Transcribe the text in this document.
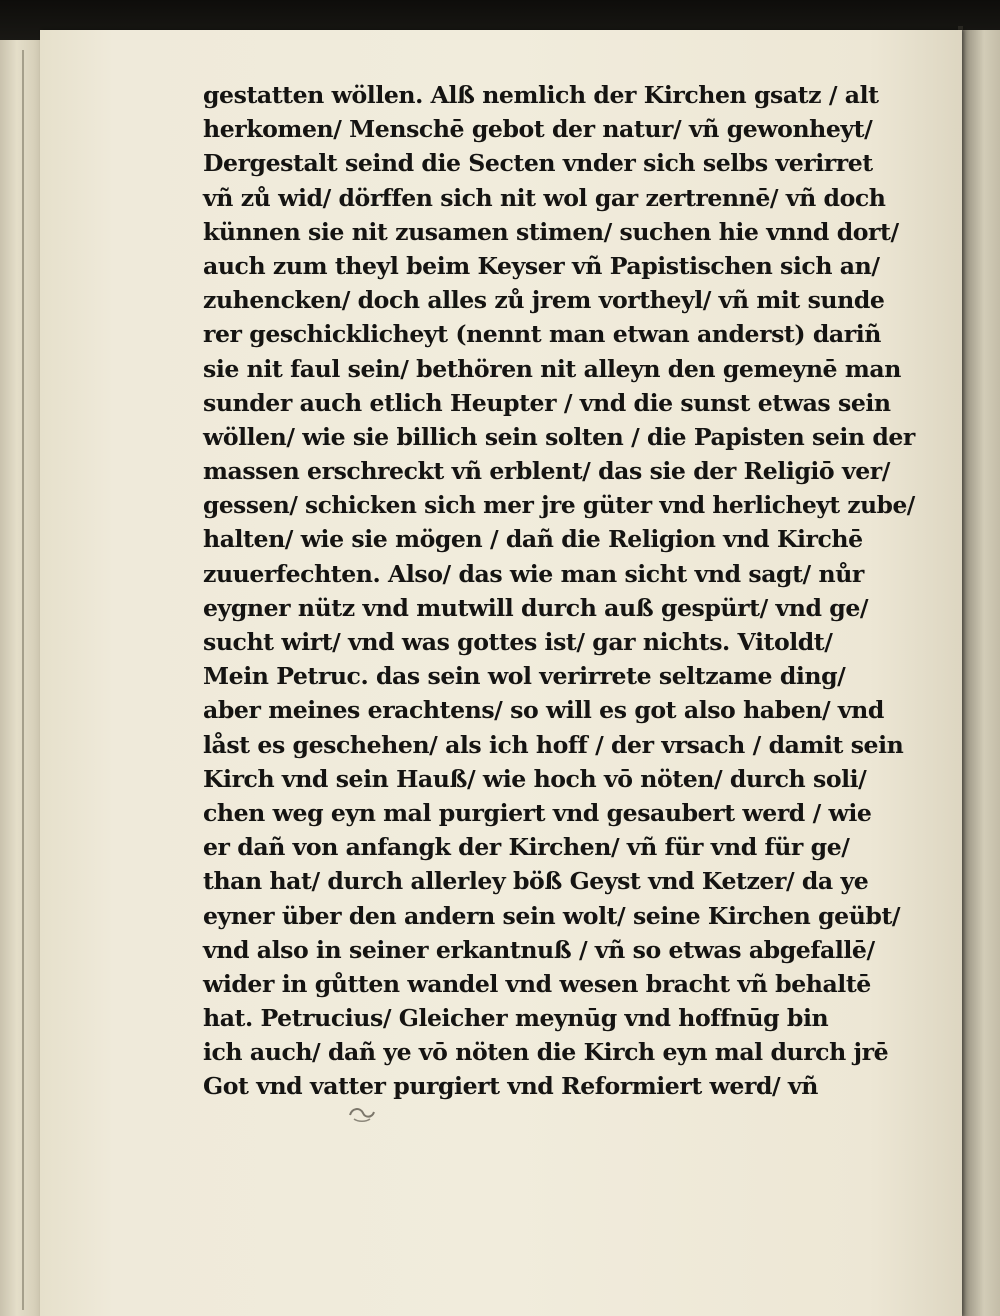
gestatten wöllen. Alß nemlich der Kirchen gsatz / alt
herkomen/ Menschē gebot der natur/ vñ gewonheyt/
Dergestalt seind die Secten vnder sich selbs verirret
vñ zů wid/ dörffen sich nit wol gar zertrennē/ vñ doch
künnen sie nit zusamen stimen/ suchen hie vnnd dort/
auch zum theyl beim Keyser vñ Papistischen sich an/
zuhencken/ doch alles zů jrem vortheyl/ vñ mit sunde
rer geschicklicheyt (nennt man etwan anderst) dariñ
sie nit faul sein/ bethören nit alleyn den gemeynē man
sunder auch etlich Heupter / vnd die sunst etwas sein
wöllen/ wie sie billich sein solten / die Papisten sein der
massen erschreckt vñ erblent/ das sie der Religiō ver/
gessen/ schicken sich mer jre güter vnd herlicheyt zube/
halten/ wie sie mögen / dañ die Religion vnd Kirchē
zuuerfechten. Also/ das wie man sicht vnd sagt/ nůr
eygner nütz vnd mutwill durch auß gespürt/ vnd ge/
sucht wirt/ vnd was gottes ist/ gar nichts. Vitoldt/
Mein Petruc. das sein wol verirrete seltzame ding/
aber meines erachtens/ so will es got also haben/ vnd
låst es geschehen/ als ich hoff / der vrsach / damit sein
Kirch vnd sein Hauß/ wie hoch vō nöten/ durch soli/
chen weg eyn mal purgiert vnd gesaubert werd / wie
er dañ von anfangk der Kirchen/ vñ für vnd für ge/
than hat/ durch allerley böß Geyst vnd Ketzer/ da ye
eyner über den andern sein wolt/ seine Kirchen geübt/
vnd also in seiner erkantnuß / vñ so etwas abgefallē/
wider in gůtten wandel vnd wesen bracht vñ behaltē
hat. Petrucius/ Gleicher meynūg vnd hoffnūg bin
ich auch/ dañ ye vō nöten die Kirch eyn mal durch jrē
Got vnd vatter purgiert vnd Reformiert werd/ vñ
